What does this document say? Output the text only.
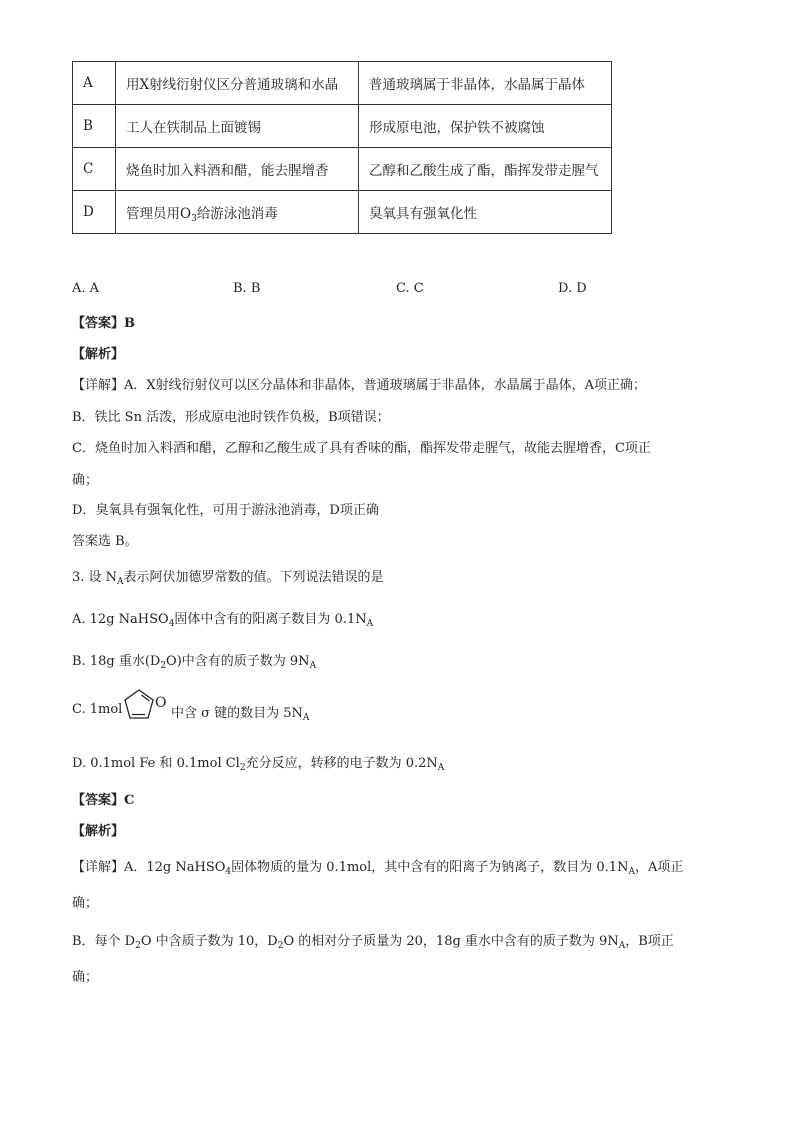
A	用X射线衍射仪区分普通玻璃和水晶	普通玻璃属于非晶体，水晶属于晶体
B	工人在铁制品上面镀锡	形成原电池，保护铁不被腐蚀
C	烧鱼时加入料酒和醋，能去腥增香	乙醇和乙酸生成了酯，酯挥发带走腥气
D	管理员用$O_3$给游泳池消毒	臭氧具有强氧化性
A. A	B. B	C. C	D. D
【答案】B
【解析】
【详解】A．X射线衍射仪可以区分晶体和非晶体，普通玻璃属于非晶体，水晶属于晶体，A项正确；
B．铁比 Sn 活泼，形成原电池时铁作负极，B项错误；
C．烧鱼时加入料酒和醋，乙醇和乙酸生成了具有香味的酯，酯挥发带走腥气，故能去腥增香，C项正
确；
D．臭氧具有强氧化性，可用于游泳池消毒，D项正确
答案选 B。
3. 设 $N_A$表示阿伏加德罗常数的值。下列说法错误的是
A. 12g NaHSO$_4$固体中含有的阳离子数目为 $0.1N_A$
B. 18g 重水$(D_2O)$中含有的质子数为 $9N_A$
C. 1mol O
中含 σ 键的数目为 $5N_A$
D. 0.1mol Fe 和 0.1mol $Cl_2$充分反应，转移的电子数为 $0.2N_A$
【答案】C
【解析】
【详解】A．12g NaHSO$_4$固体物质的量为 0.1mol，其中含有的阳离子为钠离子，数目为 $0.1N_A$，A项正
确；
B．每个 $D_2O$ 中含质子数为 10，$D_2O$ 的相对分子质量为 20，18g 重水中含有的质子数为 $9N_A$，B项正
确；
